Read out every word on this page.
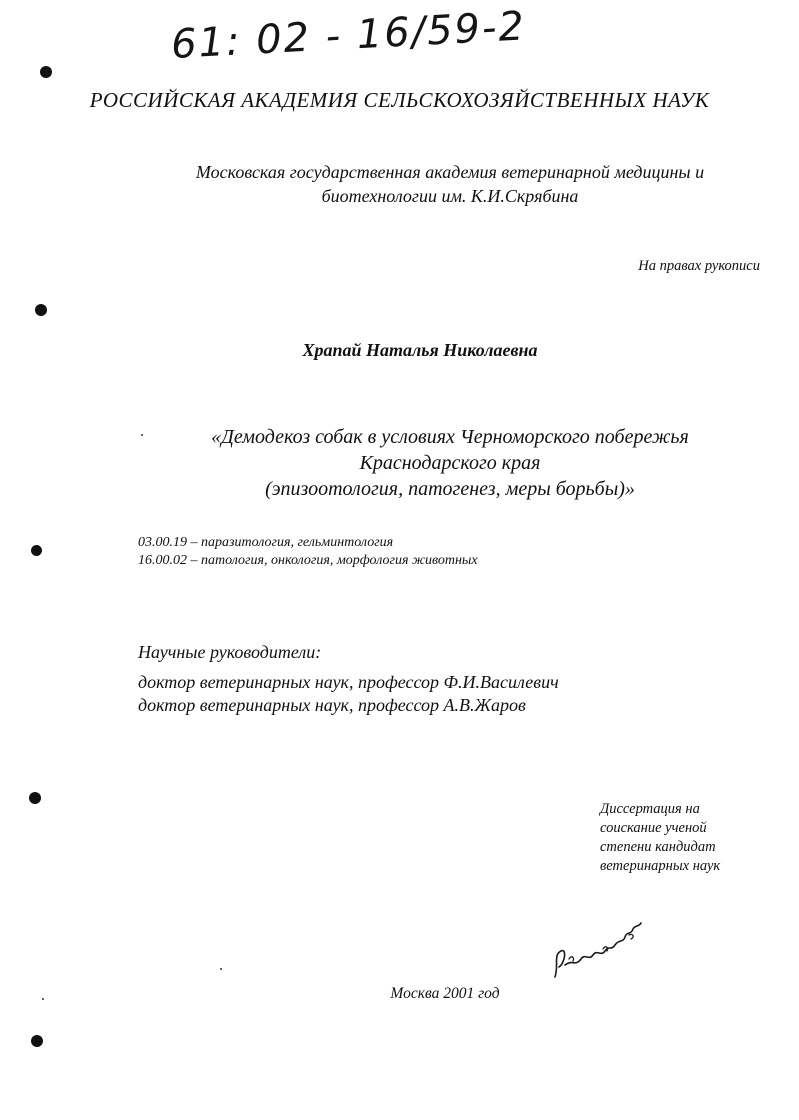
61: 02 - 16/59-2
РОССИЙСКАЯ АКАДЕМИЯ СЕЛЬСКОХОЗЯЙСТВЕННЫХ НАУК
Московская государственная академия ветеринарной медицины и
биотехнологии им. К.И.Скрябина
На правах рукописи
Храпай Наталья Николаевна
«Демодекоз собак в условиях Черноморского побережья
Краснодарского края
(эпизоотология, патогенез, меры борьбы)»
03.00.19 – паразитология, гельминтология
16.00.02 – патология, онкология, морфология животных
Научные руководители:
доктор ветеринарных наук, профессор Ф.И.Василевич
доктор ветеринарных наук, профессор А.В.Жаров
Диссертация на
соискание ученой
степени кандидат
ветеринарных наук
Москва 2001 год
